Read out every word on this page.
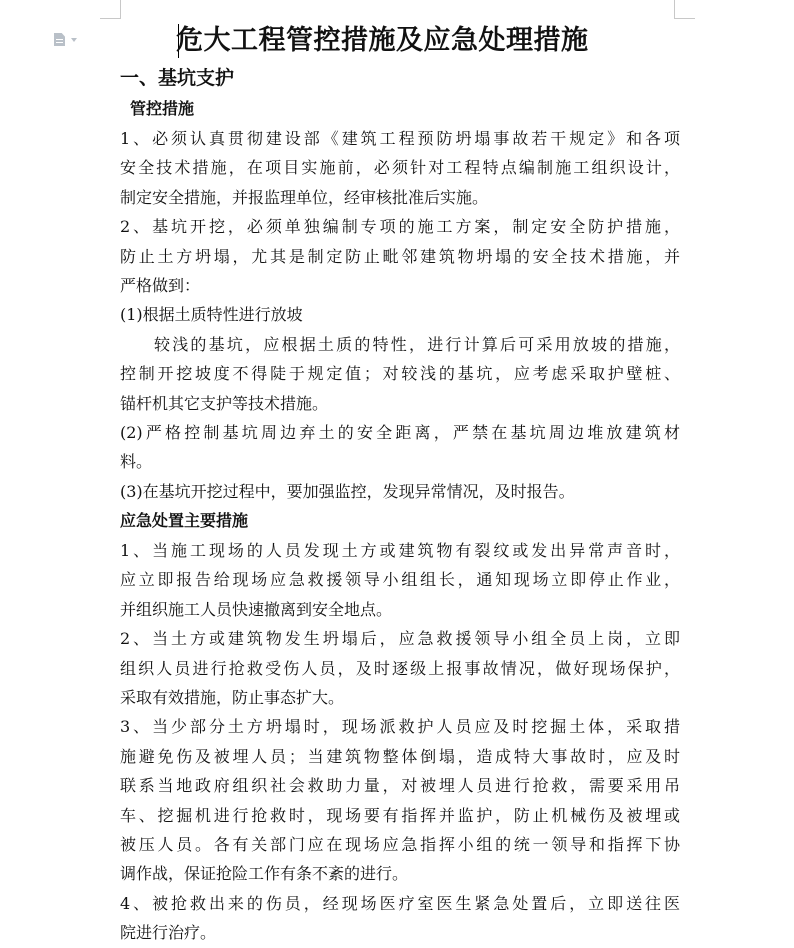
危大工程管控措施及应急处理措施
一、基坑支护
管控措施

1、必须认真贯彻建设部《建筑工程预防坍塌事故若干规定》和各项
安全技术措施，在项目实施前，必须针对工程特点编制施工组织设计，
制定安全措施，并报监理单位，经审核批准后实施。

2、基坑开挖，必须单独编制专项的施工方案，制定安全防护措施，
防止土方坍塌，尤其是制定防止毗邻建筑物坍塌的安全技术措施，并
严格做到：

(1)根据土质特性进行放坡

较浅的基坑，应根据土质的特性，进行计算后可采用放坡的措施，
控制开挖坡度不得陡于规定值；对较浅的基坑，应考虑采取护壁桩、
锚杆机其它支护等技术措施。

(2)严格控制基坑周边弃土的安全距离，严禁在基坑周边堆放建筑材
料。

(3)在基坑开挖过程中，要加强监控，发现异常情况，及时报告。

应急处置主要措施

1、当施工现场的人员发现土方或建筑物有裂纹或发出异常声音时，
应立即报告给现场应急救援领导小组组长，通知现场立即停止作业，
并组织施工人员快速撤离到安全地点。

2、当土方或建筑物发生坍塌后，应急救援领导小组全员上岗，立即
组织人员进行抢救受伤人员，及时逐级上报事故情况，做好现场保护，
采取有效措施，防止事态扩大。

3、当少部分土方坍塌时，现场派救护人员应及时挖掘土体，采取措
施避免伤及被埋人员；当建筑物整体倒塌，造成特大事故时，应及时
联系当地政府组织社会救助力量，对被埋人员进行抢救，需要采用吊
车、挖掘机进行抢救时，现场要有指挥并监护，防止机械伤及被埋或
被压人员。各有关部门应在现场应急指挥小组的统一领导和指挥下协
调作战，保证抢险工作有条不紊的进行。

4、被抢救出来的伤员，经现场医疗室医生紧急处置后，立即送往医
院进行治疗。
